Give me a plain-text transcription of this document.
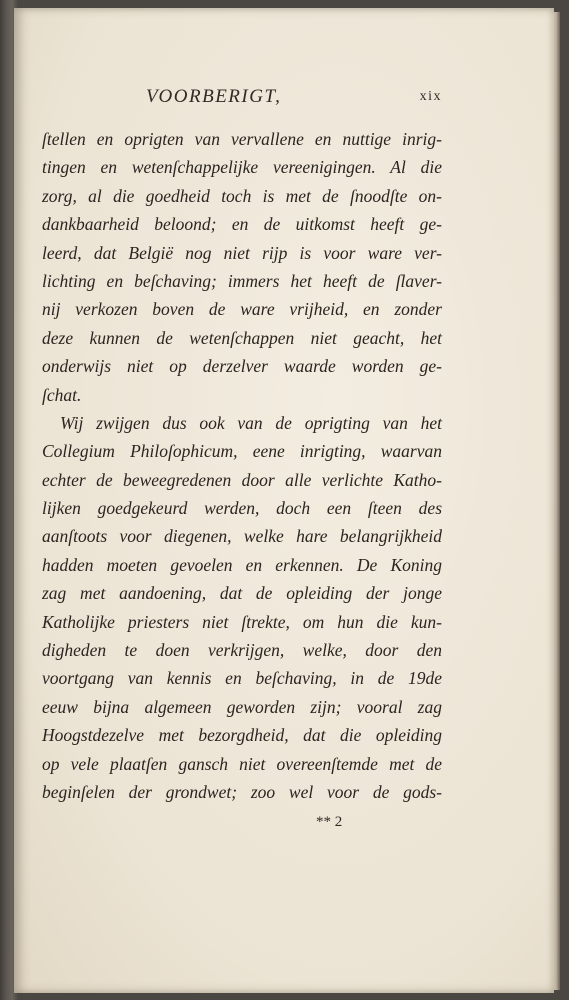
VOORBERIGT,	xix
ſtellen en oprigten van vervallene en nuttige inrig-
tingen en wetenſchappelijke vereenigingen. Al die
zorg, al die goedheid toch is met de ſnoodſte on-
dankbaarheid beloond; en de uitkomst heeft ge-
leerd, dat België nog niet rijp is voor ware ver-
lichting en beſchaving; immers het heeft de ſlaver-
nij verkozen boven de ware vrijheid, en zonder
deze kunnen de wetenſchappen niet geacht, het
onderwijs niet op derzelver waarde worden ge-
ſchat.
Wij zwijgen dus ook van de oprigting van het
Collegium Philoſophicum, eene inrigting, waarvan
echter de beweegredenen door alle verlichte Katho-
lijken goedgekeurd werden, doch een ſteen des
aanſtoots voor diegenen, welke hare belangrijkheid
hadden moeten gevoelen en erkennen. De Koning
zag met aandoening, dat de opleiding der jonge
Katholijke priesters niet ſtrekte, om hun die kun-
digheden te doen verkrijgen, welke, door den
voortgang van kennis en beſchaving, in de 19de
eeuw bijna algemeen geworden zijn; vooral zag
Hoogstdezelve met bezorgdheid, dat die opleiding
op vele plaatſen gansch niet overeenſtemde met de
beginſelen der grondwet; zoo wel voor de gods-
** 2
